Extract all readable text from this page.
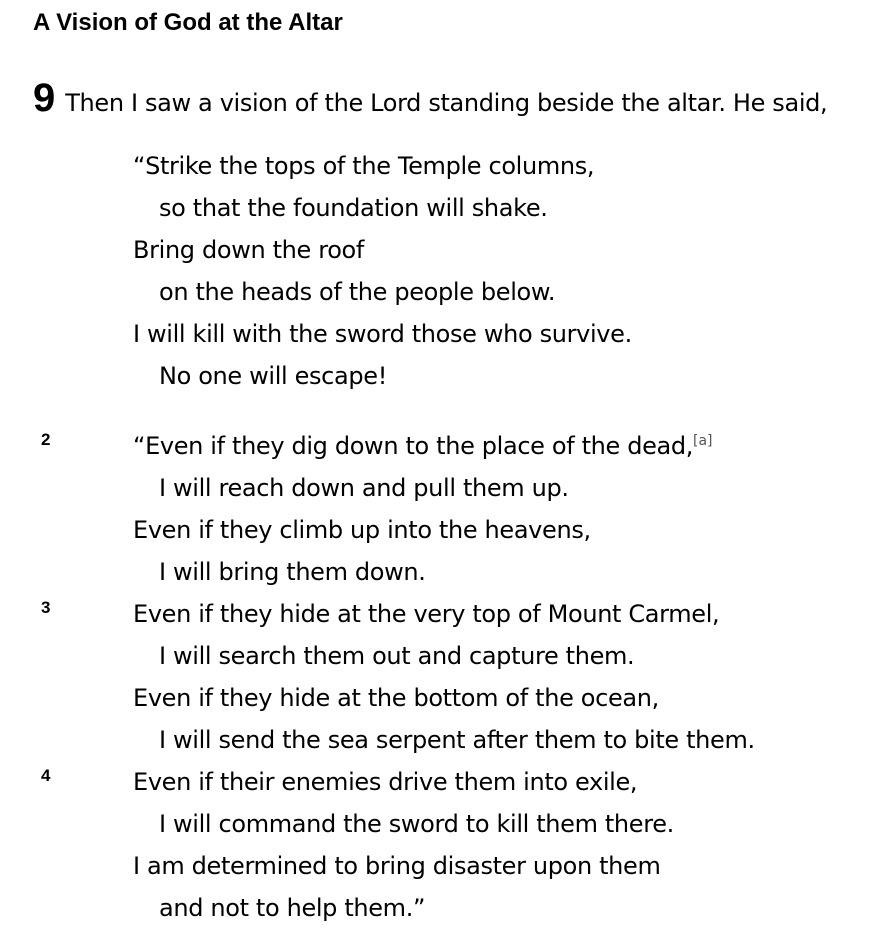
A Vision of God at the Altar
9 Then I saw a vision of the Lord standing beside the altar. He said,
“Strike the tops of the Temple columns,
so that the foundation will shake.
Bring down the roof
on the heads of the people below.
I will kill with the sword those who survive.
No one will escape!
2	“Even if they dig down to the place of the dead,[a]
I will reach down and pull them up.
Even if they climb up into the heavens,
I will bring them down.
3	Even if they hide at the very top of Mount Carmel,
I will search them out and capture them.
Even if they hide at the bottom of the ocean,
I will send the sea serpent after them to bite them.
4	Even if their enemies drive them into exile,
I will command the sword to kill them there.
I am determined to bring disaster upon them
and not to help them.”
